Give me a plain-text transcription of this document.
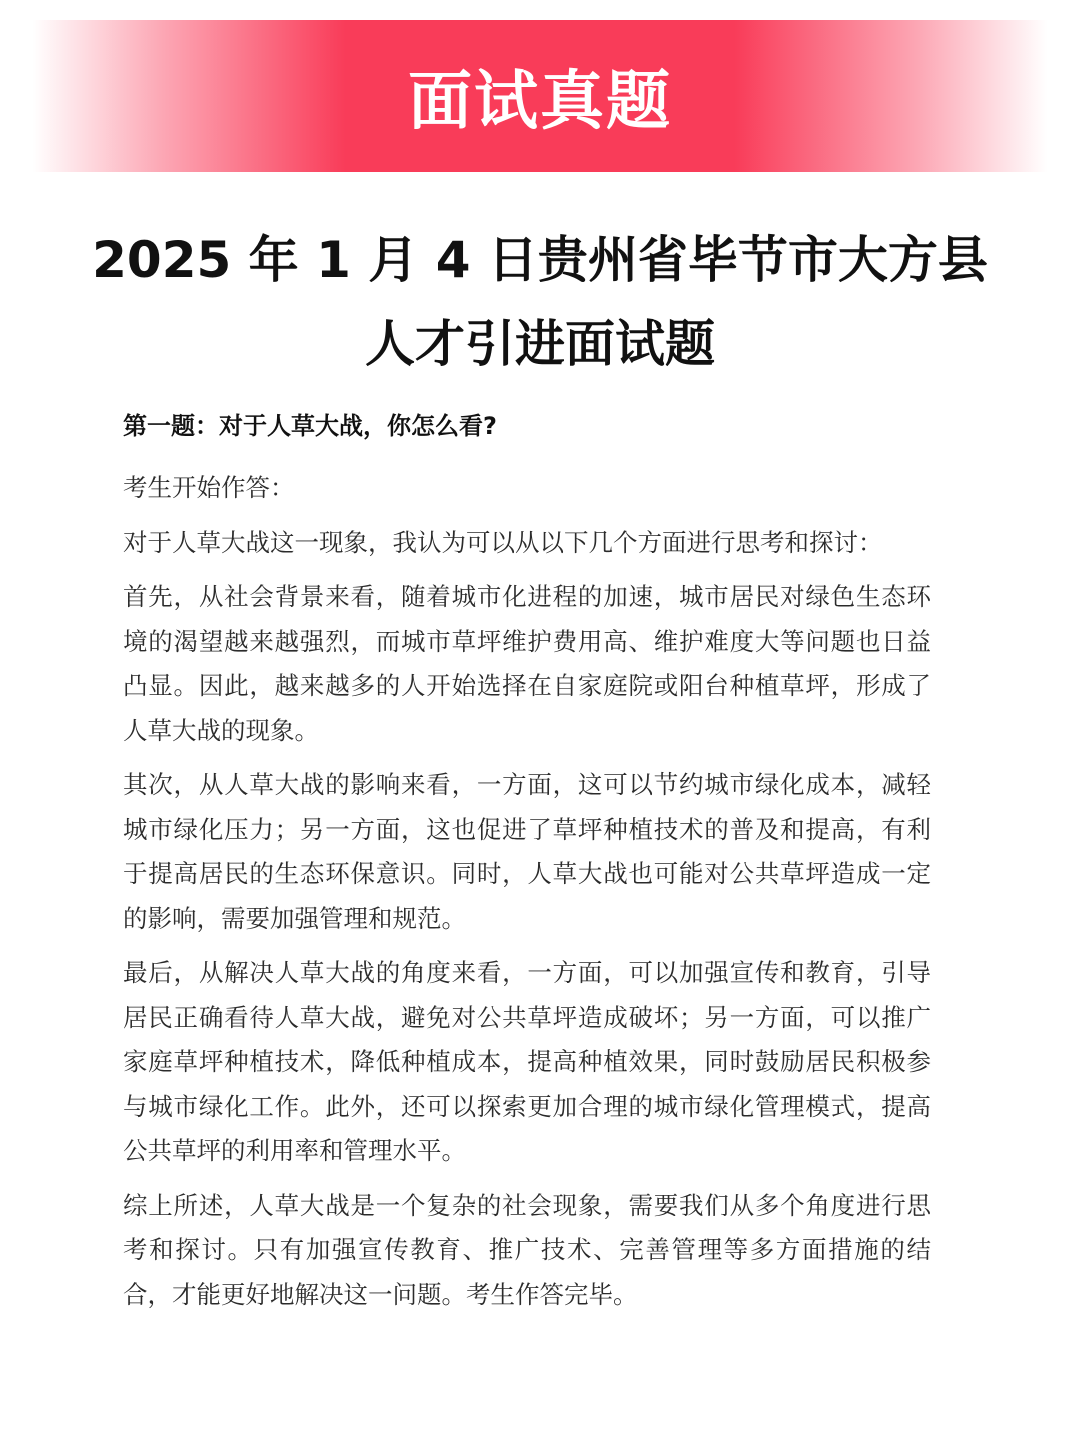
面试真题
2025 年 1 月 4 日贵州省毕节市大方县人才引进面试题
第一题：对于人草大战，你怎么看?

考生开始作答：

对于人草大战这一现象，我认为可以从以下几个方面进行思考和探讨：

首先，从社会背景来看，随着城市化进程的加速，城市居民对绿色生态环境的渴望越来越强烈，而城市草坪维护费用高、维护难度大等问题也日益凸显。因此，越来越多的人开始选择在自家庭院或阳台种植草坪，形成了人草大战的现象。

其次，从人草大战的影响来看，一方面，这可以节约城市绿化成本，减轻城市绿化压力；另一方面，这也促进了草坪种植技术的普及和提高，有利于提高居民的生态环保意识。同时，人草大战也可能对公共草坪造成一定的影响，需要加强管理和规范。

最后，从解决人草大战的角度来看，一方面，可以加强宣传和教育，引导居民正确看待人草大战，避免对公共草坪造成破坏；另一方面，可以推广家庭草坪种植技术，降低种植成本，提高种植效果，同时鼓励居民积极参与城市绿化工作。此外，还可以探索更加合理的城市绿化管理模式，提高公共草坪的利用率和管理水平。

综上所述，人草大战是一个复杂的社会现象，需要我们从多个角度进行思考和探讨。只有加强宣传教育、推广技术、完善管理等多方面措施的结合，才能更好地解决这一问题。考生作答完毕。
